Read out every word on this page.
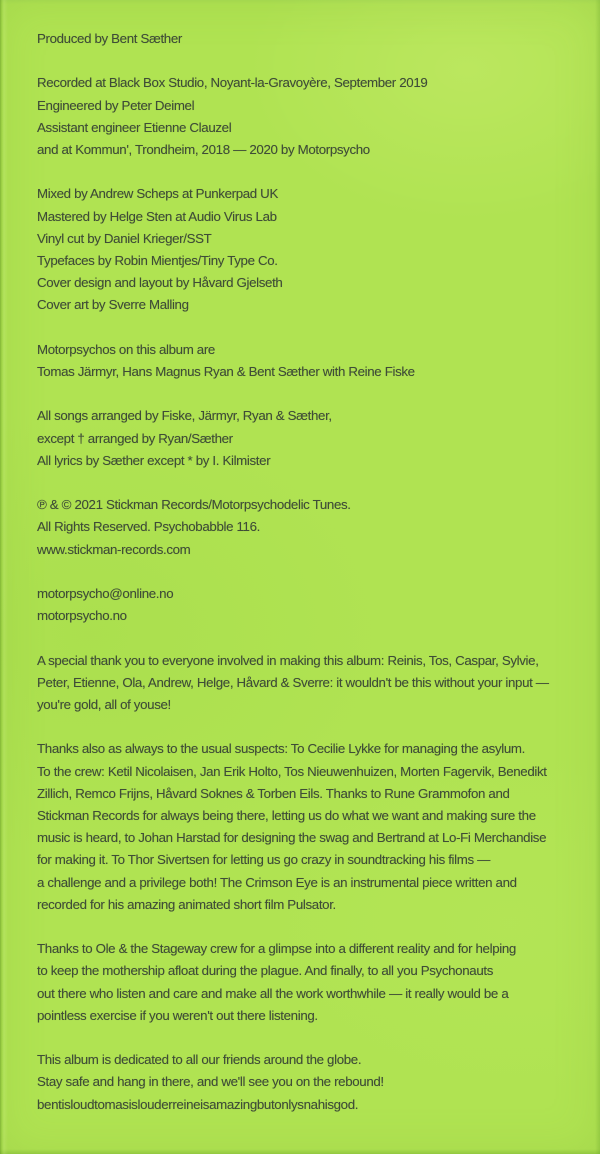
Produced by Bent Sæther
Recorded at Black Box Studio, Noyant-la-Gravoyère, September 2019
Engineered by Peter Deimel
Assistant engineer Etienne Clauzel
and at Kommun', Trondheim, 2018 — 2020 by Motorpsycho
Mixed by Andrew Scheps at Punkerpad UK
Mastered by Helge Sten at Audio Virus Lab
Vinyl cut by Daniel Krieger/SST
Typefaces by Robin Mientjes/Tiny Type Co.
Cover design and layout by Håvard Gjelseth
Cover art by Sverre Malling
Motorpsychos on this album are
Tomas Järmyr, Hans Magnus Ryan & Bent Sæther with Reine Fiske
All songs arranged by Fiske, Järmyr, Ryan & Sæther,
except † arranged by Ryan/Sæther
All lyrics by Sæther except * by I. Kilmister
℗ & © 2021 Stickman Records/Motorpsychodelic Tunes.
All Rights Reserved. Psychobabble 116.
www.stickman-records.com
motorpsycho@online.no
motorpsycho.no
A special thank you to everyone involved in making this album: Reinis, Tos, Caspar, Sylvie,
Peter, Etienne, Ola, Andrew, Helge, Håvard & Sverre: it wouldn't be this without your input —
you're gold, all of youse!
Thanks also as always to the usual suspects: To Cecilie Lykke for managing the asylum.
To the crew: Ketil Nicolaisen, Jan Erik Holto, Tos Nieuwenhuizen, Morten Fagervik, Benedikt
Zillich, Remco Frijns, Håvard Soknes & Torben Eils. Thanks to Rune Grammofon and
Stickman Records for always being there, letting us do what we want and making sure the
music is heard, to Johan Harstad for designing the swag and Bertrand at Lo-Fi Merchandise
for making it. To Thor Sivertsen for letting us go crazy in soundtracking his films —
a challenge and a privilege both! The Crimson Eye is an instrumental piece written and
recorded for his amazing animated short film Pulsator.
Thanks to Ole & the Stageway crew for a glimpse into a different reality and for helping
to keep the mothership afloat during the plague. And finally, to all you Psychonauts
out there who listen and care and make all the work worthwhile — it really would be a
pointless exercise if you weren't out there listening.
This album is dedicated to all our friends around the globe.
Stay safe and hang in there, and we'll see you on the rebound!
bentisloudtomasislouderreineisamazingbutonlysnahisgod.
